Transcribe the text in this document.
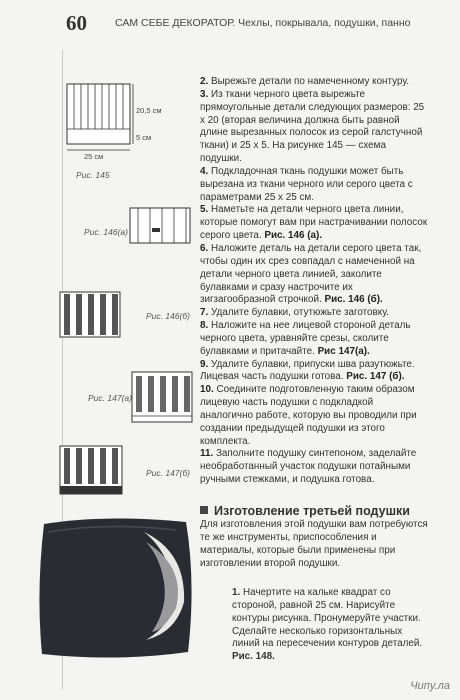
60	САМ СЕБЕ ДЕКОРАТОР. Чехлы, покрывала, подушки, панно
20,5 см
5 см
25 см
Рис. 145
Рис. 146(а)
Рис. 146(б)
Рис. 147(а)
Рис. 147(б)

2. Вырежьте детали по намеченному контуру.

3. Из ткани черного цвета вырежьте прямоугольные детали следующих размеров: 25 х 20 (вторая величина должна быть равной длине вырезанных полосок из серой галстучной ткани) и 25 х 5. На рисунке 145 — схема подушки.

4. Подкладочная ткань подушки может быть вырезана из ткани черного или серого цвета с параметрами 25 х 25 см.

5. Наметьте на детали черного цвета линии, которые помогут вам при настрачивании полосок серого цвета. Рис. 146 (а).

6. Наложите деталь на детали серого цвета так, чтобы один их срез совпадал с намеченной на детали черного цвета линией, заколите булавками и сразу настрочите их зигзагообразной строчкой. Рис. 146 (б).

7. Удалите булавки, отутюжьте заготовку.

8. Наложите на нее лицевой стороной деталь черного цвета, уравняйте срезы, сколите булавками и притачайте. Рис 147(а).

9. Удалите булавки, припуски шва разутюжьте. Лицевая часть подушки готова. Рис. 147 (б).

10. Соедините подготовленную таким образом лицевую часть подушки с подкладкой аналогично работе, которую вы проводили при создании предыдущей подушки из этого комплекта.

11. Заполните подушку синтепоном, заделайте необработанный участок подушки потайными ручными стежками, и подушка готова.

Изготовление третьей подушки
Для изготовления этой подушки вам потребуются те же инструменты, приспособления и материалы, которые были применены при изготовлении второй подушки.

1. Начертите на кальке квадрат со стороной, равной 25 см. Нарисуйте контуры рисунка. Пронумеруйте участки. Сделайте несколько горизонтальных линий на пересечении контуров деталей. Рис. 148.

Чипу.ла
